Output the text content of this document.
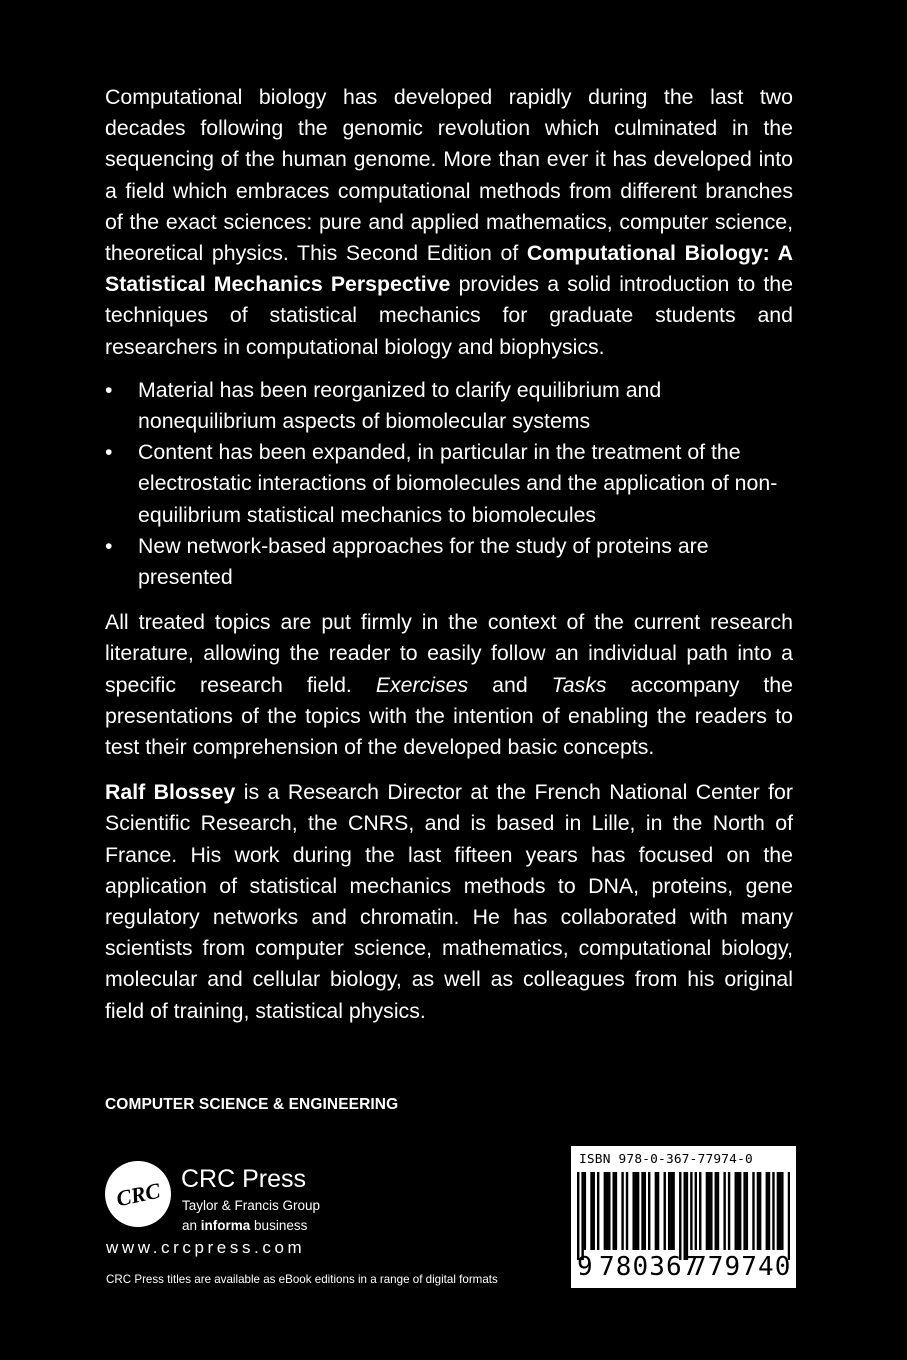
Computational biology has developed rapidly during the last two decades following the genomic revolution which culminated in the sequencing of the human genome. More than ever it has developed into a field which embraces computational methods from different branches of the exact sciences: pure and applied mathematics, computer science, theoretical physics. This Second Edition of Computational Biology: A Statistical Mechanics Perspective provides a solid introduction to the techniques of statistical mechanics for graduate students and researchers in computational biology and biophysics.

• Material has been reorganized to clarify equilibrium and nonequilibrium aspects of biomolecular systems
• Content has been expanded, in particular in the treatment of the electrostatic interactions of biomolecules and the application of non-equilibrium statistical mechanics to biomolecules
• New network-based approaches for the study of proteins are presented

All treated topics are put firmly in the context of the current research literature, allowing the reader to easily follow an individual path into a specific research field. Exercises and Tasks accompany the presentations of the topics with the intention of enabling the readers to test their comprehension of the developed basic concepts.

Ralf Blossey is a Research Director at the French National Center for Scientific Research, the CNRS, and is based in Lille, in the North of France. His work during the last fifteen years has focused on the application of statistical mechanics methods to DNA, proteins, gene regulatory networks and chromatin. He has collaborated with many scientists from computer science, mathematics, computational biology, molecular and cellular biology, as well as colleagues from his original field of training, statistical physics.

COMPUTER SCIENCE & ENGINEERING
CRC CRC Press
Taylor & Francis Group
an informa business
www.crcpress.com
CRC Press titles are available as eBook editions in a range of digital formats
ISBN 978-0-367-77974-0
9 780367
779740
